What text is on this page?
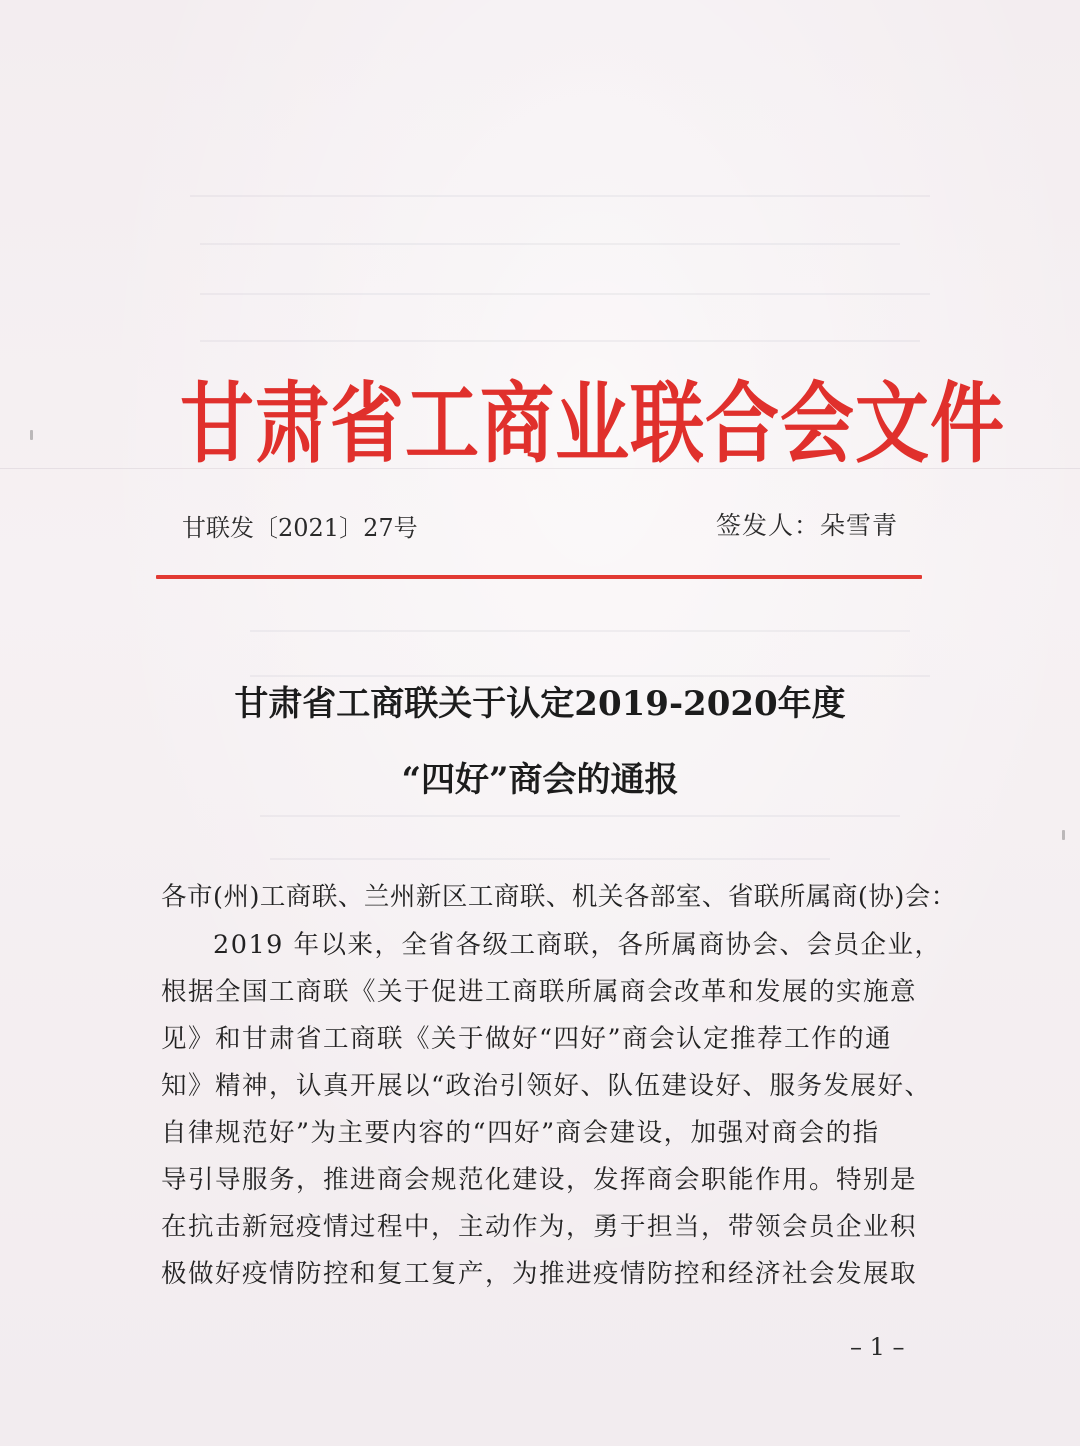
甘肃省工商业联合会文件
甘联发〔2021〕27号	签发人：朵雪青
甘肃省工商联关于认定2019-2020年度
“四好”商会的通报
各市(州)工商联、兰州新区工商联、机关各部室、省联所属商(协)会：
2019 年以来，全省各级工商联，各所属商协会、会员企业，
根据全国工商联《关于促进工商联所属商会改革和发展的实施意
见》和甘肃省工商联《关于做好“四好”商会认定推荐工作的通
知》精神，认真开展以“政治引领好、队伍建设好、服务发展好、
自律规范好”为主要内容的“四好”商会建设，加强对商会的指
导引导服务，推进商会规范化建设，发挥商会职能作用。特别是
在抗击新冠疫情过程中，主动作为，勇于担当，带领会员企业积
极做好疫情防控和复工复产，为推进疫情防控和经济社会发展取
– 1 –
